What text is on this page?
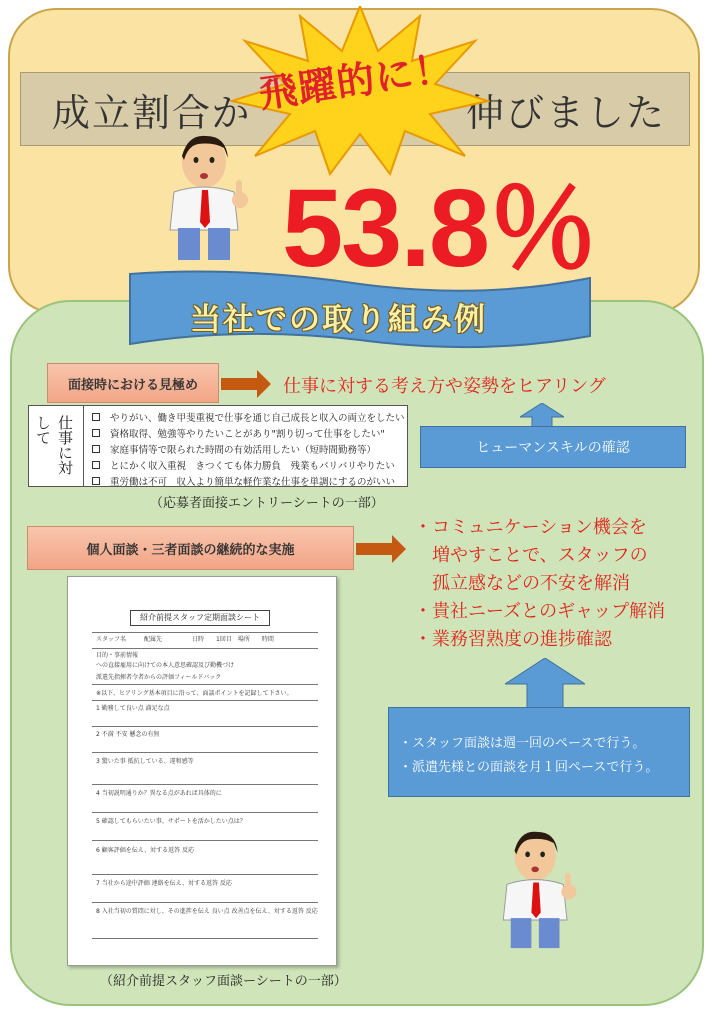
成立割合が	伸びました
飛躍的に！
53.8％
当社での取り組み例
面接時における見極め	仕事に対する考え方や姿勢をヒアリング
ヒューマンスキルの確認
仕事に対して	やりがい、働き甲斐重視で仕事を通じ自己成長と収入の両立をしたい
資格取得、勉強等やりたいことがあり"割り切って仕事をしたい"
家庭事情等で限られた時間の有効活用したい（短時間勤務等）
とにかく収入重視　きつくても体力勝負　残業もバリバリやりたい
重労働は不可　収入より簡単な軽作業な仕事を単調にするのがいい
（応募者面接エントリーシートの一部）
個人面談・三者面談の継続的な実施
・コミュニケーション機会を
　増やすことで、スタッフの
　孤立感などの不安を解消
・貴社ニーズとのギャップ解消
・業務習熟度の進捗確認
・スタッフ面談は週一回のペースで行う。
・派遣先様との面談を月１回ペースで行う。
紹介前提スタッフ定期面談シート
スタッフ名　　　配属先　　　　　日時　　1回目　場所　　時間
目的・事前情報
への直接雇用に向けての本人意思確認及び勤機づけ
派遣先指揮者令者からの評価フィールドバック
※以下、ヒアリング基本項目に沿って、面談ポイントを記録して下さい。
1 勤務して良い点 満足な点
2 不満 不安 懸念の有無
3 驚いた事 抵抗している、違和感等
4 当初説明通りか？異なる点があれば具体的に
5 確認してもらいたい事、サポートを活かしたい点は？
6 顧客評価を伝え、対する返答 反応
7 当社から途中評価 連絡を伝え、対する返答 反応
8 入社当初の質問に対し、その進捗を伝え 良い点 改善点を伝え、対する返答 反応
（紹介前提スタッフ面談ーシートの一部）
